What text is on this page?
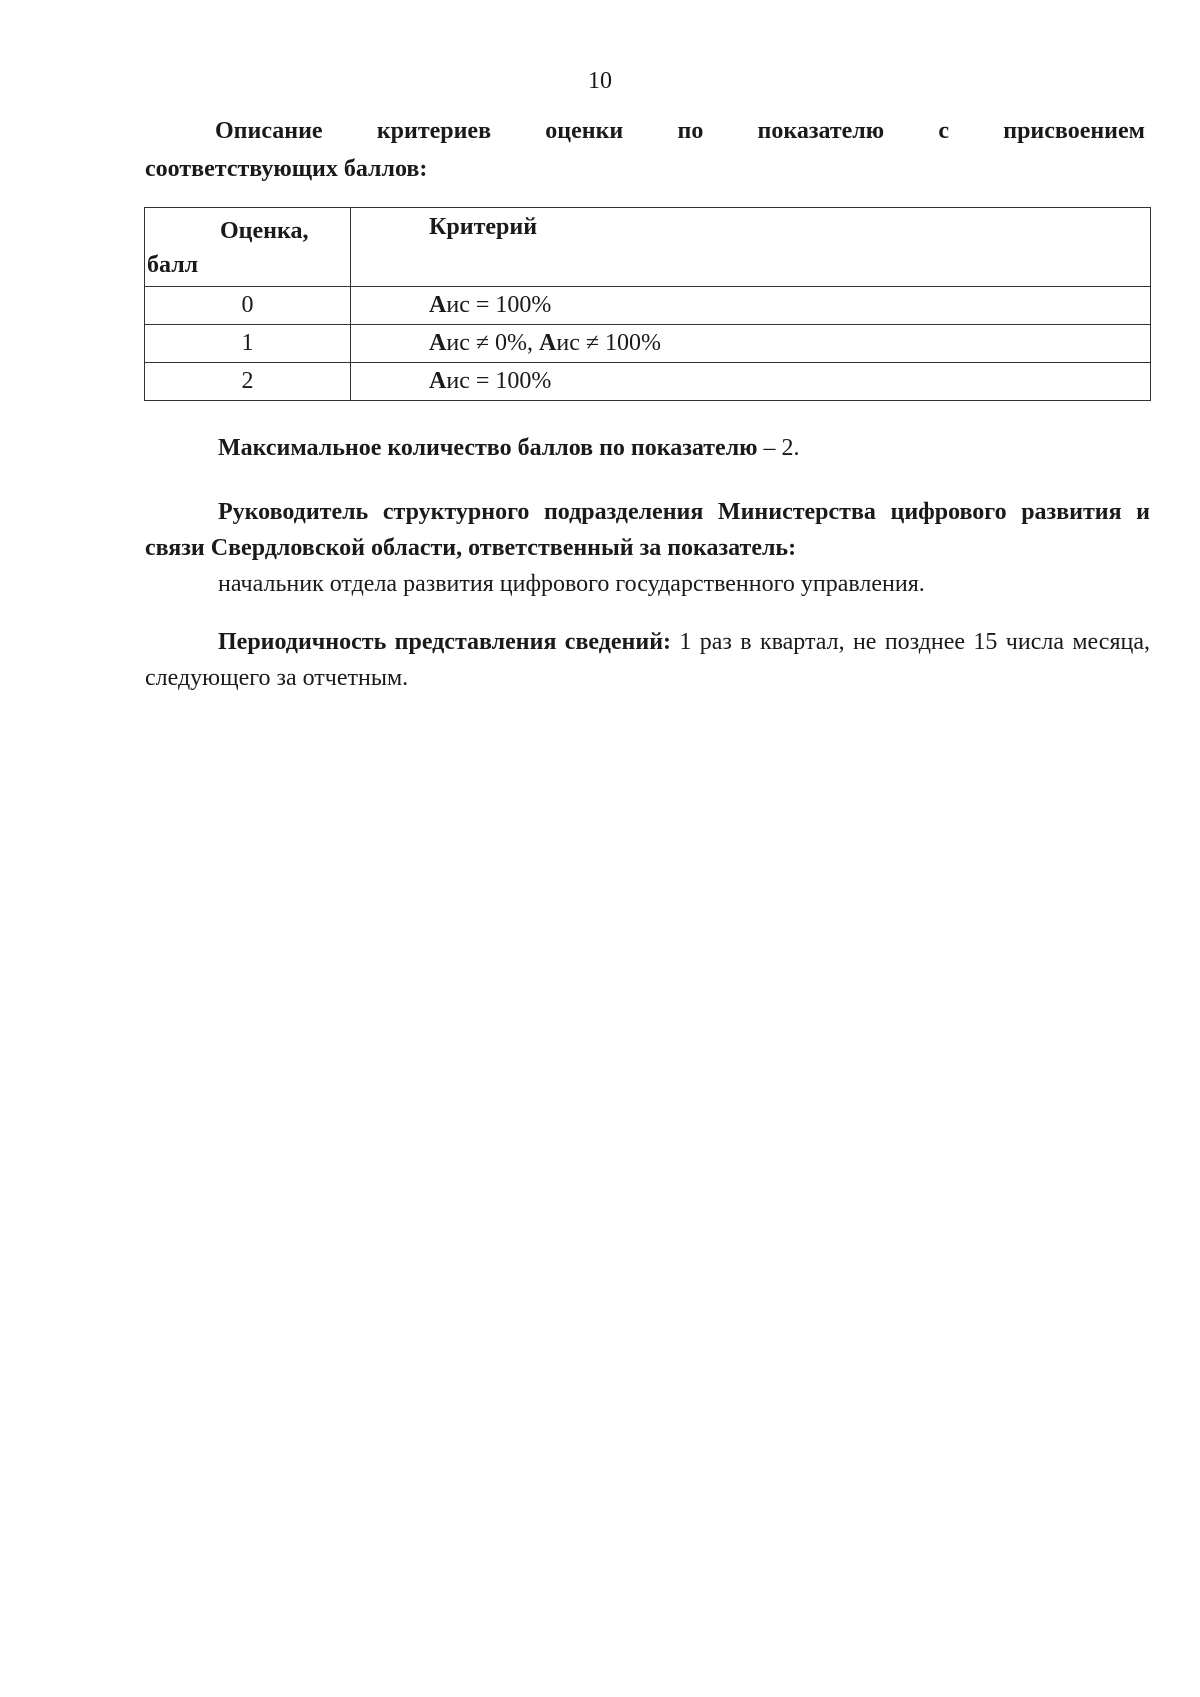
10
Описание критериев оценки по показателю с присвоением
соответствующих баллов:
Оценка,
балл	Критерий
0	Аис = 100%
1	Аис ≠ 0%, Аис ≠ 100%
2	Аис = 100%
Максимальное количество баллов по показателю – 2.
Руководитель структурного подразделения Министерства цифрового развития и связи Свердловской области, ответственный за показатель:
начальник отдела развития цифрового государственного управления.
Периодичность представления сведений: 1 раз в квартал, не позднее 15 числа месяца, следующего за отчетным.
